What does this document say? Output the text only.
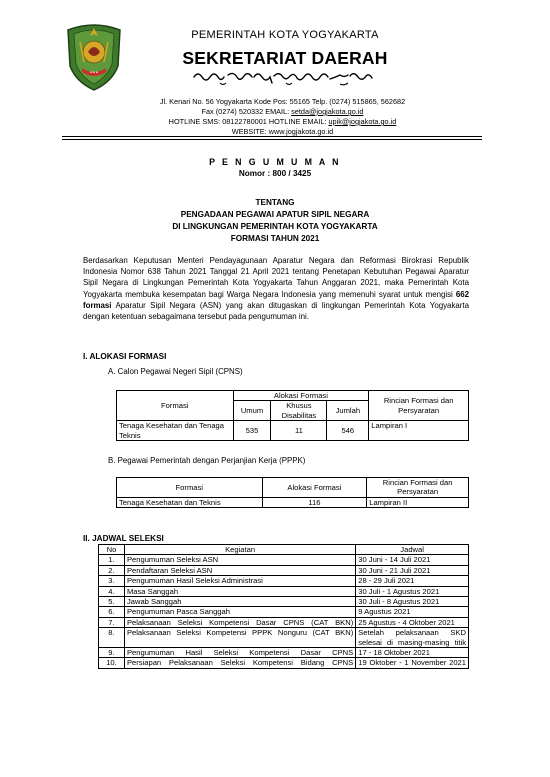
•••
PEMERINTAH KOTA YOGYAKARTA
SEKRETARIAT DAERAH
Jl. Kenari No. 56 Yogyakarta Kode Pos: 55165 Telp. (0274) 515865, 562682
Fax (0274) 520332 EMAIL: setda@jogjakota.go.id
HOTLINE SMS: 08122780001 HOTLINE EMAIL: upik@jogjakota.go.id
WEBSITE: www.jogjakota.go.id
P E N G U M U M A N
Nomor : 800 / 3425
TENTANG
PENGADAAN PEGAWAI APATUR SIPIL NEGARA
DI LINGKUNGAN PEMERINTAH KOTA YOGYAKARTA
FORMASI TAHUN 2021
Berdasarkan Keputusan Menteri Pendayagunaan Aparatur Negara dan Reformasi Birokrasi Republik Indonesia Nomor 638 Tahun 2021 Tanggal 21 April 2021 tentang Penetapan Kebutuhan Pegawai Aparatur Sipil Negara di Lingkungan Pemerintah Kota Yogyakarta Tahun Anggaran 2021, maka Pemerintah Kota Yogyakarta membuka kesempatan bagi Warga Negara Indonesia yang memenuhi syarat untuk mengisi 662 formasi Aparatur Sipil Negara (ASN) yang akan ditugaskan di lingkungan Pemerintah Kota Yogyakarta dengan ketentuan sebagaimana tersebut pada pengumuman ini.
I. ALOKASI FORMASI
A. Calon Pegawai Negeri Sipil (CPNS)
Formasi	Alokasi Formasi			Rincian Formasi dan Persyaratan
	Umum	Khusus Disabilitas	Jumlah	
Tenaga Kesehatan dan Tenaga Teknis	535	11	546	Lampiran I
B. Pegawai Pemerintah dengan Perjanjian Kerja (PPPK)
Formasi	Alokasi Formasi	Rincian Formasi dan Persyaratan
Tenaga Kesehatan dan Teknis	116	Lampiran II
II. JADWAL SELEKSI
No	Kegiatan	Jadwal
1.	Pengumuman Seleksi ASN	30 Juni - 14 Juli 2021
2.	Pendaftaran Seleksi ASN	30 Juni - 21 Juli 2021
3.	Pengumuman Hasil Seleksi Administrasi	28 - 29 Juli 2021
4.	Masa Sanggah	30 Juli - 1 Agustus 2021
5.	Jawab Sanggah	30 Juli - 8 Agustus 2021
6.	Pengumuman Pasca Sanggah	9 Agustus 2021
7.	Pelaksanaan Seleksi Kompetensi Dasar CPNS (CAT BKN)	25 Agustus - 4 Oktober 2021
8.	Pelaksanaan Seleksi Kompetensi PPPK Nonguru (CAT BKN)	Setelah pelaksanaan SKD selesai di masing-masing titik
9.	Pengumuman Hasil Seleksi Kompetensi Dasar CPNS	17 - 18 Oktober 2021
10.	Persiapan Pelaksanaan Seleksi Kompetensi Bidang CPNS	19 Oktober - 1 November 2021
